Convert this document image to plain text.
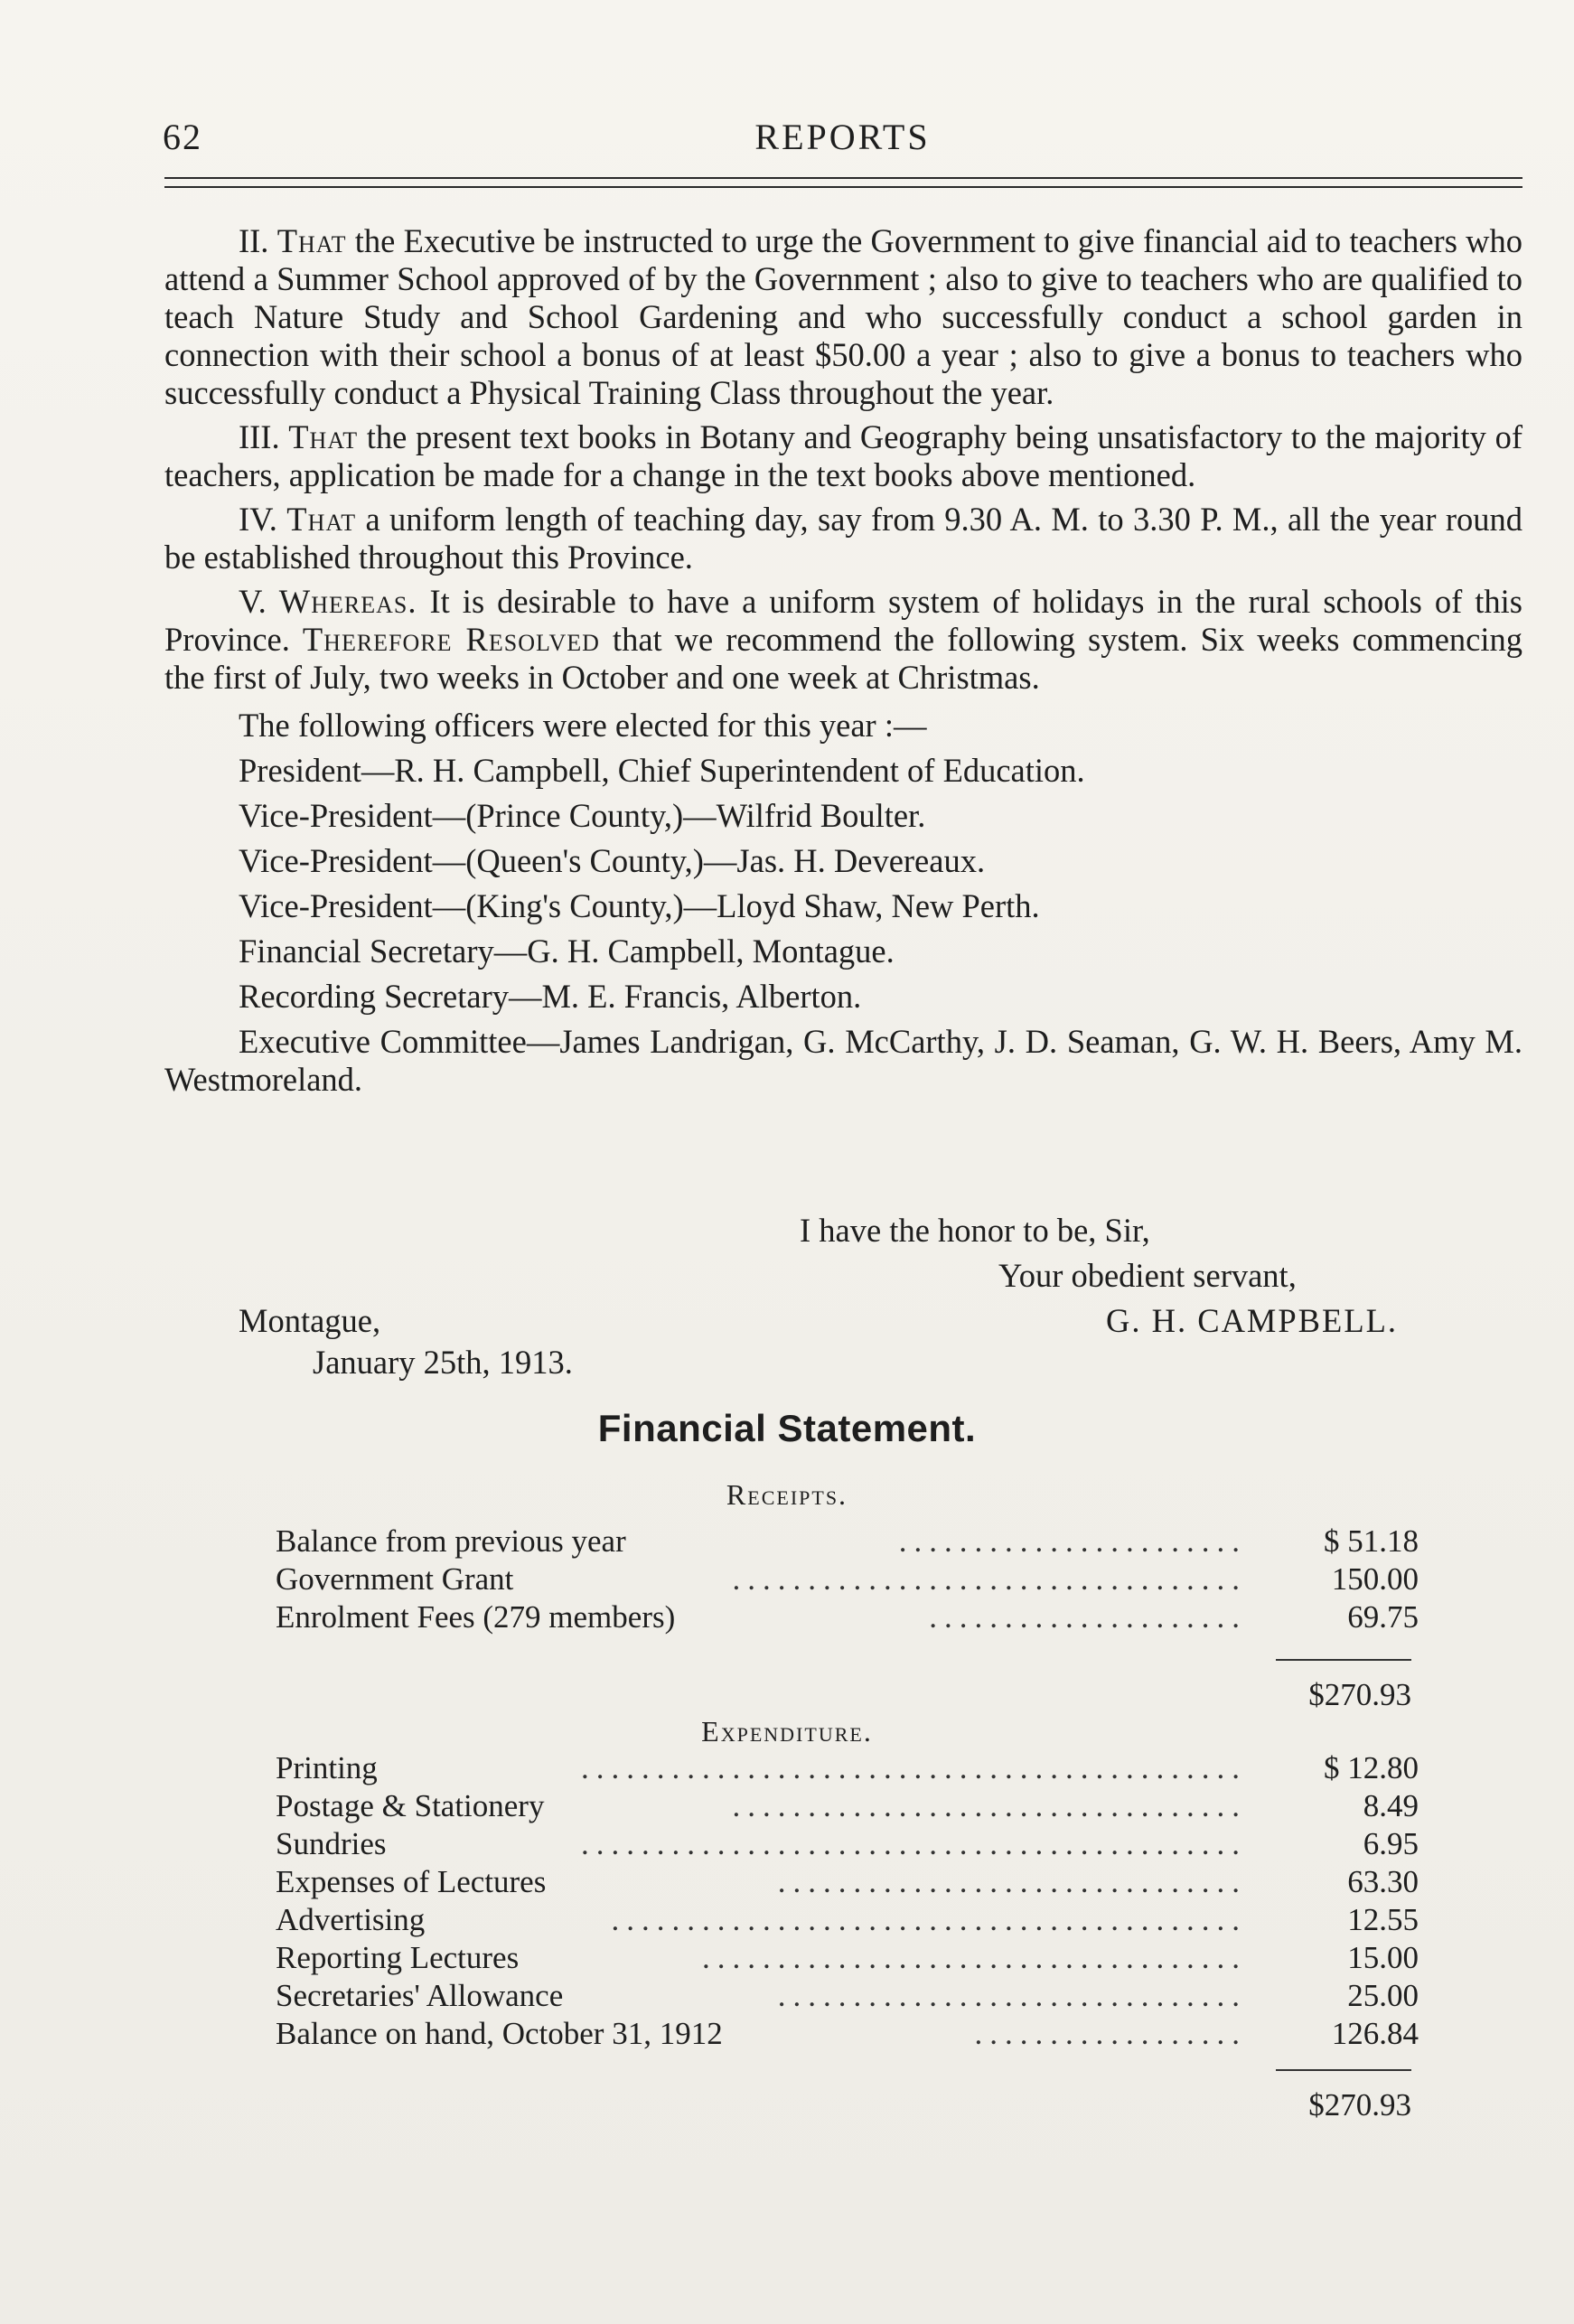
62	REPORTS

II. That the Executive be instructed to urge the Government to give financial aid to teachers who attend a Summer School approved of by the Government ; also to give to teachers who are qualified to teach Nature Study and School Gardening and who successfully conduct a school garden in connection with their school a bonus of at least $50.00 a year ; also to give a bonus to teachers who successfully conduct a Physical Training Class throughout the year.

III. That the present text books in Botany and Geography being unsatisfactory to the majority of teachers, application be made for a change in the text books above mentioned.

IV. That a uniform length of teaching day, say from 9.30 A. M. to 3.30 P. M., all the year round be established throughout this Province.

V. Whereas. It is desirable to have a uniform system of holidays in the rural schools of this Province. Therefore Resolved that we recommend the following system. Six weeks commencing the first of July, two weeks in October and one week at Christmas.

The following officers were elected for this year :—

President—R. H. Campbell, Chief Superintendent of Education.

Vice-President—(Prince County,)—Wilfrid Boulter.

Vice-President—(Queen's County,)—Jas. H. Devereaux.

Vice-President—(King's County,)—Lloyd Shaw, New Perth.

Financial Secretary—G. H. Campbell, Montague.

Recording Secretary—M. E. Francis, Alberton.

Executive Committee—James Landrigan, G. McCarthy, J. D. Seaman, G. W. H. Beers, Amy M. Westmoreland.

I have the honor to be, Sir,
Your obedient servant,
Montague,	G. H. CAMPBELL.
January 25th, 1913.
Financial Statement.
Receipts.
Balance from previous year	.......................	$ 51.18
Government Grant	..................................	150.00
Enrolment Fees (279 members)	.....................	69.75
$270.93
Expenditure.
Printing	............................................	$ 12.80
Postage & Stationery	..................................	8.49
Sundries	............................................	6.95
Expenses of Lectures	...............................	63.30
Advertising	..........................................	12.55
Reporting Lectures	....................................	15.00
Secretaries' Allowance	...............................	25.00
Balance on hand, October 31, 1912	..................	126.84
$270.93
